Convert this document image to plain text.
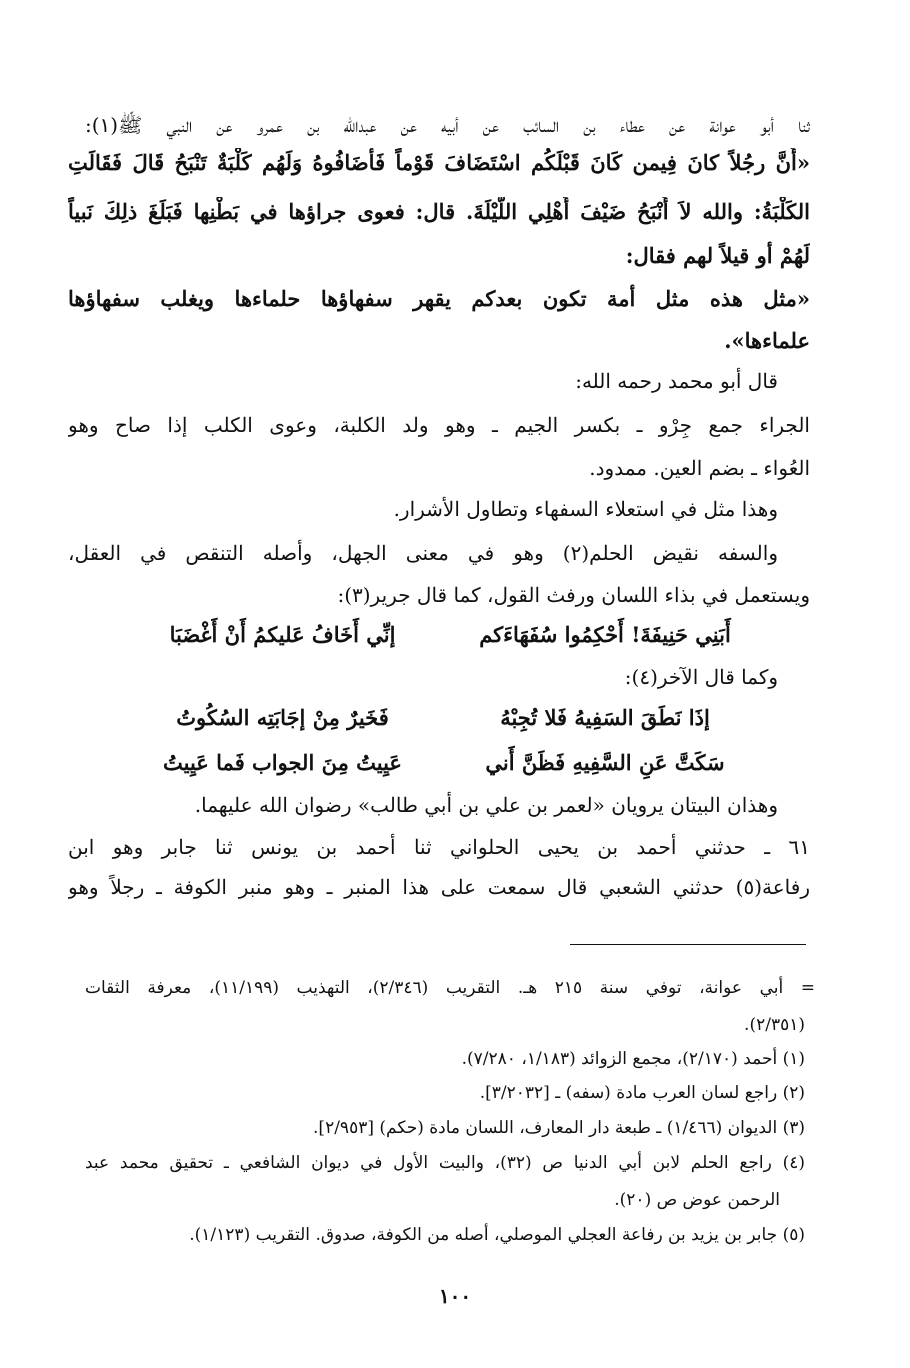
ثنا أبو عوانة عن عطاء بن السائب عن أبيه عن عبدالله بن عمرو عن النبي ﷺ(١):
«أَنَّ رجُلاً كانَ فِيمن كَانَ قَبْلَكُم اسْتَضَافَ قَوْماً فَأَضَافُوهُ وَلَهُم كَلْبَةٌ تَنْبَحُ قَالَ فَقَالَتِ
الكَلْبَةُ: والله لاَ أَنْبَحُ ضَيْفَ أَهْلِي اللَّيْلَةَ. قال: فعوى جراؤها في بَطْنِها فَبَلَغَ ذلِكَ نَبياً
لَهُمْ أو قيلاً لهم فقال:
«مثل هذه مثل أمة تكون بعدكم يقهر سفهاؤها حلماءها ويغلب سفهاؤها
علماءها».
قال أبو محمد رحمه الله:
الجراء جمع جِرْو ـ بكسر الجيم ـ وهو ولد الكلبة، وعوى الكلب إذا صاح وهو
العُواء ـ بضم العين. ممدود.
وهذا مثل في استعلاء السفهاء وتطاول الأشرار.
والسفه نقيض الحلم(٢) وهو في معنى الجهل، وأصله التنقص في العقل،
ويستعمل في بذاء اللسان ورفث القول، كما قال جرير(٣):
أَبَنِي حَنِيفَةَ! أَحْكِمُوا سُفَهَاءَكم
إنِّي أَخَافُ عَليكمُ أَنْ أَغْضَبَا
وكما قال الآخر(٤):
إذَا نَطَقَ السَفِيهُ فَلا تُجِبْهُ
فَخَيرٌ مِنْ إجَابَتِه السُكُوتُ
سَكَتَّ عَنِ السَّفِيهِ فَظَنَّ أَني
عَيِيتُ مِنَ الجواب فَما عَيِيتُ
وهذان البيتان يرويان «لعمر بن علي بن أبي طالب» رضوان الله عليهما.
٦١ ـ حدثني أحمد بن يحيى الحلواني ثنا أحمد بن يونس ثنا جابر وهو ابن
رفاعة(٥) حدثني الشعبي قال سمعت على هذا المنبر ـ وهو منبر الكوفة ـ رجلاً وهو
= أبي عوانة، توفي سنة ٢١٥ هـ. التقريب (٢/٣٤٦)، التهذيب (١١/١٩٩)، معرفة الثقات
(٢/٣٥١).
(١) أحمد (٢/١٧٠)، مجمع الزوائد (١/١٨٣، ٧/٢٨٠).
(٢) راجع لسان العرب مادة (سفه) ـ [٣/٢٠٣٢].
(٣) الديوان (١/٤٦٦) ـ طبعة دار المعارف، اللسان مادة (حكم) [٢/٩٥٣].
(٤) راجع الحلم لابن أبي الدنيا ص (٣٢)، والبيت الأول في ديوان الشافعي ـ تحقيق محمد عبد
الرحمن عوض ص (٢٠).
(٥) جابر بن يزيد بن رفاعة العجلي الموصلي، أصله من الكوفة، صدوق. التقريب (١/١٢٣).
١٠٠
